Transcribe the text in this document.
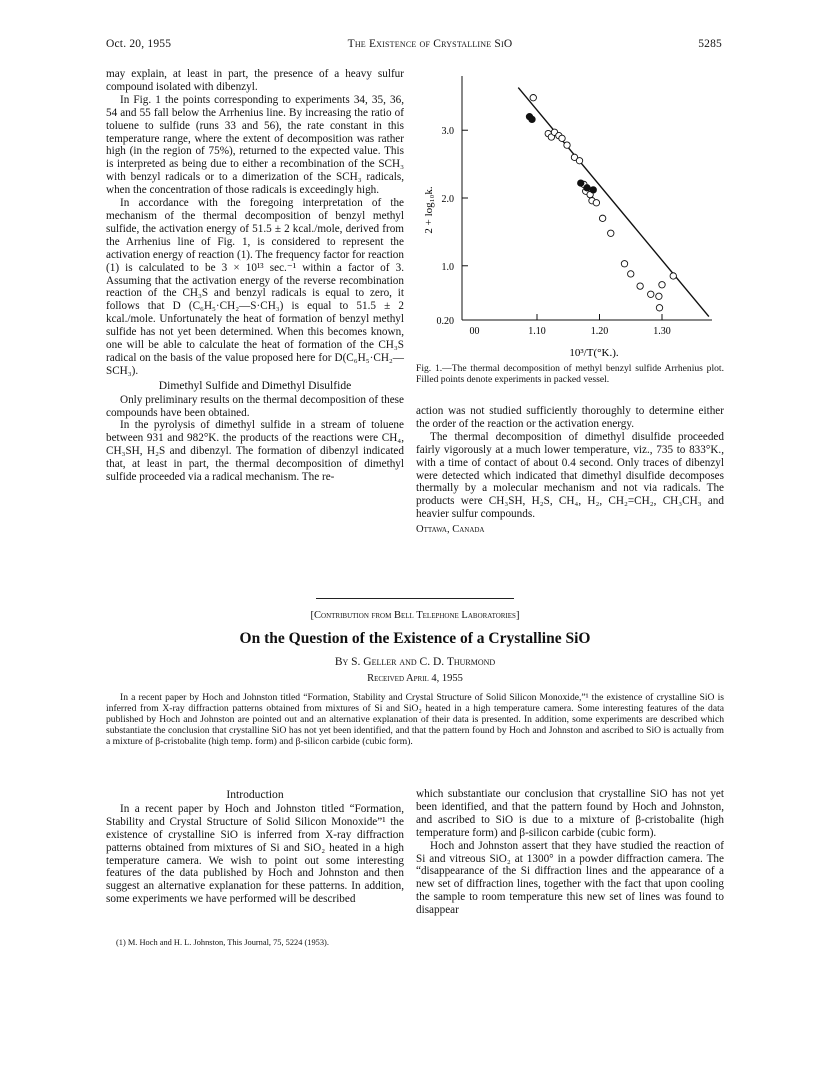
Oct. 20, 1955	The Existence of Crystalline SiO	5285

may explain, at least in part, the presence of a heavy sulfur compound isolated with dibenzyl.

In Fig. 1 the points corresponding to experiments 34, 35, 36, 54 and 55 fall below the Arrhenius line. By increasing the ratio of toluene to sulfide (runs 33 and 56), the rate constant in this temperature range, where the extent of decomposition was rather high (in the region of 75%), returned to the expected value. This is interpreted as being due to either a recombination of the SCH₃ with benzyl radicals or to a dimerization of the SCH₃ radicals, when the concentration of those radicals is exceedingly high.

In accordance with the foregoing interpretation of the mechanism of the thermal decomposition of benzyl methyl sulfide, the activation energy of 51.5 ± 2 kcal./mole, derived from the Arrhenius line of Fig. 1, is considered to represent the activation energy of reaction (1). The frequency factor for reaction (1) is calculated to be 3 × 10¹³ sec.⁻¹ within a factor of 3. Assuming that the activation energy of the reverse recombination reaction of the CH₃S and benzyl radicals is equal to zero, it follows that D (C₆H₅·CH₂—S·CH₃) is equal to 51.5 ± 2 kcal./mole. Unfortunately the heat of formation of benzyl methyl sulfide has not yet been determined. When this becomes known, one will be able to calculate the heat of formation of the CH₃S radical on the basis of the value proposed here for D(C₆H₅·CH₂—SCH₃).

Dimethyl Sulfide and Dimethyl Disulfide

Only preliminary results on the thermal decomposition of these compounds have been obtained.

In the pyrolysis of dimethyl sulfide in a stream of toluene between 931 and 982°K. the products of the reactions were CH₄, CH₃SH, H₂S and dibenzyl. The formation of dibenzyl indicated that, at least in part, the thermal decomposition of dimethyl sulfide proceeded via a radical mechanism. The re-

3.0
2.0
1.0
0.20
00	1.10	1.20	1.30
2 + log₁₀k.
10³/T(°K.).
Fig. 1.—The thermal decomposition of methyl benzyl sulfide Arrhenius plot. Filled points denote experiments in packed vessel.

action was not studied sufficiently thoroughly to determine either the order of the reaction or the activation energy.

The thermal decomposition of dimethyl disulfide proceeded fairly vigorously at a much lower temperature, viz., 735 to 833°K., with a time of contact of about 0.4 second. Only traces of dibenzyl were detected which indicated that dimethyl disulfide decomposes thermally by a molecular mechanism and not via radicals. The products were CH₃SH, H₂S, CH₄, H₂, CH₂=CH₂, CH₃CH₃ and heavier sulfur compounds.

Ottawa, Canada

[Contribution from Bell Telephone Laboratories]
On the Question of the Existence of a Crystalline SiO
By S. Geller and C. D. Thurmond
Received April 4, 1955
In a recent paper by Hoch and Johnston titled “Formation, Stability and Crystal Structure of Solid Silicon Monoxide,”¹ the existence of crystalline SiO is inferred from X-ray diffraction patterns obtained from mixtures of Si and SiO₂ heated in a high temperature camera. Some interesting features of the data published by Hoch and Johnston are pointed out and an alternative explanation of their data is presented. In addition, some experiments are described which substantiate the conclusion that crystalline SiO has not yet been identified, and that the pattern found by Hoch and Johnston and ascribed to SiO is actually from a mixture of β-cristobalite (high temp. form) and β-silicon carbide (cubic form).
Introduction

In a recent paper by Hoch and Johnston titled “Formation, Stability and Crystal Structure of Solid Silicon Monoxide”¹ the existence of crystalline SiO is inferred from X-ray diffraction patterns obtained from mixtures of Si and SiO₂ heated in a high temperature camera. We wish to point out some interesting features of the data published by Hoch and Johnston and then suggest an alternative explanation for these patterns. In addition, some experiments we have performed will be described

(1) M. Hoch and H. L. Johnston, This Journal, 75, 5224 (1953).

which substantiate our conclusion that crystalline SiO has not yet been identified, and that the pattern found by Hoch and Johnston, and ascribed to SiO is due to a mixture of β-cristobalite (high temperature form) and β-silicon carbide (cubic form).

Hoch and Johnston assert that they have studied the reaction of Si and vitreous SiO₂ at 1300° in a powder diffraction camera. The “disappearance of the Si diffraction lines and the appearance of a new set of diffraction lines, together with the fact that upon cooling the sample to room temperature this new set of lines was found to disappear
